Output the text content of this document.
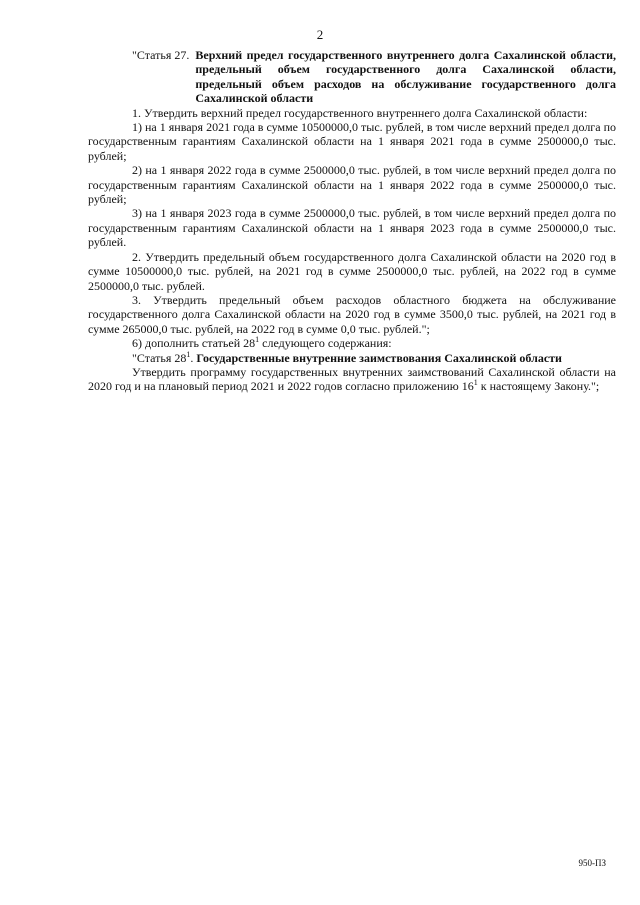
2
"Статья 27. Верхний предел государственного внутреннего долга Сахалинской области, предельный объем государственного долга Сахалинской области, предельный объем расходов на обслуживание государственного долга Сахалинской области

1. Утвердить верхний предел государственного внутреннего долга Сахалинской области:

1) на 1 января 2021 года в сумме 10500000,0 тыс. рублей, в том числе верхний предел долга по государственным гарантиям Сахалинской области на 1 января 2021 года в сумме 2500000,0 тыс. рублей;

2) на 1 января 2022 года в сумме 2500000,0 тыс. рублей, в том числе верхний предел долга по государственным гарантиям Сахалинской области на 1 января 2022 года в сумме 2500000,0 тыс. рублей;

3) на 1 января 2023 года в сумме 2500000,0 тыс. рублей, в том числе верхний предел долга по государственным гарантиям Сахалинской области на 1 января 2023 года в сумме 2500000,0 тыс. рублей.

2. Утвердить предельный объем государственного долга Сахалинской области на 2020 год в сумме 10500000,0 тыс. рублей, на 2021 год в сумме 2500000,0 тыс. рублей, на 2022 год в сумме 2500000,0 тыс. рублей.

3. Утвердить предельный объем расходов областного бюджета на обслуживание государственного долга Сахалинской области на 2020 год в сумме 3500,0 тыс. рублей, на 2021 год в сумме 265000,0 тыс. рублей, на 2022 год в сумме 0,0 тыс. рублей.";

6) дополнить статьей $28^1$ следующего содержания:

"Статья $28^1$. Государственные внутренние заимствования Сахалинской области

Утвердить программу государственных внутренних заимствований Сахалинской области на 2020 год и на плановый период 2021 и 2022 годов согласно приложению $16^1$ к настоящему Закону.";

950-ПЗ
